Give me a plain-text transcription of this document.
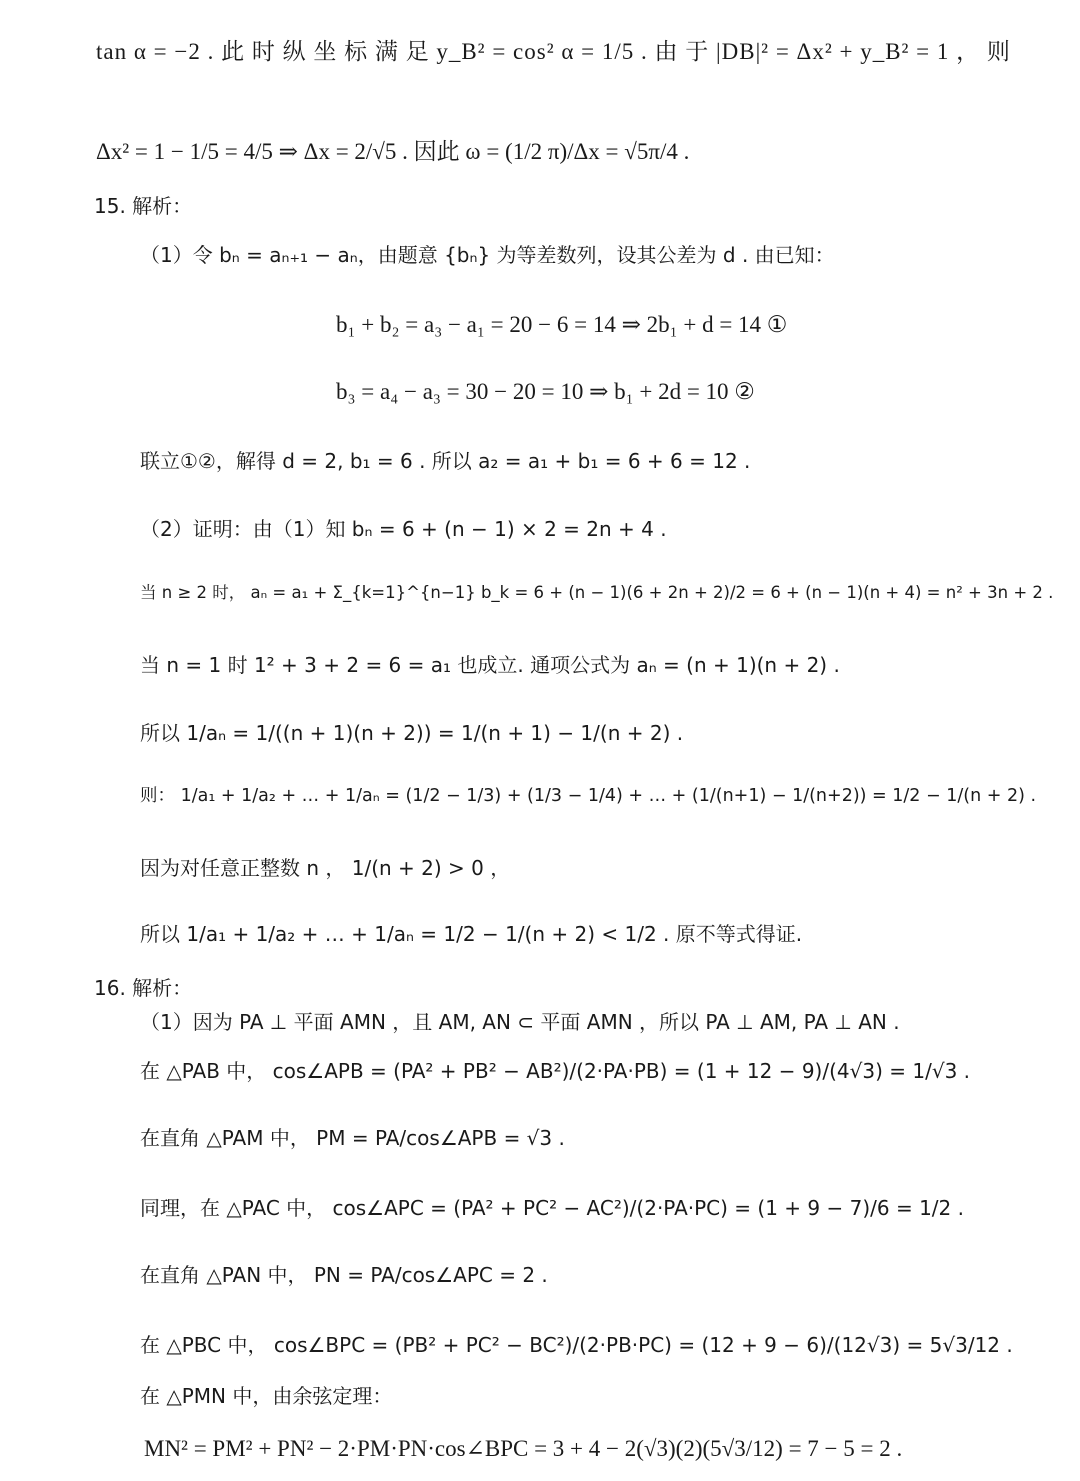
tan α = −2 . 此 时 纵 坐 标 满 足 y_B² = cos² α = 1/5 . 由 于 |DB|² = Δx² + y_B² = 1 ， 则
Δx² = 1 − 1/5 = 4/5 ⇒ Δx = 2/√5 . 因此 ω = (1/2 π)/Δx = √5π/4 .
15. 解析：
（1）令 bₙ = aₙ₊₁ − aₙ，由题意 {bₙ} 为等差数列，设其公差为 d . 由已知：
b₁ + b₂ = a₃ − a₁ = 20 − 6 = 14 ⇒ 2b₁ + d = 14 ①
b₃ = a₄ − a₃ = 30 − 20 = 10 ⇒ b₁ + 2d = 10 ②
联立①②，解得 d = 2, b₁ = 6 . 所以 a₂ = a₁ + b₁ = 6 + 6 = 12 .
（2）证明：由（1）知 bₙ = 6 + (n − 1) × 2 = 2n + 4 .
当 n ≥ 2 时， aₙ = a₁ + Σ_{k=1}^{n−1} b_k = 6 + (n − 1)(6 + 2n + 2)/2 = 6 + (n − 1)(n + 4) = n² + 3n + 2 .
当 n = 1 时 1² + 3 + 2 = 6 = a₁ 也成立. 通项公式为 aₙ = (n + 1)(n + 2) .
所以 1/aₙ = 1/((n + 1)(n + 2)) = 1/(n + 1) − 1/(n + 2) .
则： 1/a₁ + 1/a₂ + … + 1/aₙ = (1/2 − 1/3) + (1/3 − 1/4) + … + (1/(n+1) − 1/(n+2)) = 1/2 − 1/(n + 2) .
因为对任意正整数 n ， 1/(n + 2) > 0 ，
所以 1/a₁ + 1/a₂ + … + 1/aₙ = 1/2 − 1/(n + 2) < 1/2 . 原不等式得证.
16. 解析：
（1）因为 PA ⊥ 平面 AMN ，且 AM, AN ⊂ 平面 AMN ，所以 PA ⊥ AM, PA ⊥ AN .
在 △PAB 中， cos∠APB = (PA² + PB² − AB²)/(2·PA·PB) = (1 + 12 − 9)/(4√3) = 1/√3 .
在直角 △PAM 中， PM = PA/cos∠APB = √3 .
同理，在 △PAC 中， cos∠APC = (PA² + PC² − AC²)/(2·PA·PC) = (1 + 9 − 7)/6 = 1/2 .
在直角 △PAN 中， PN = PA/cos∠APC = 2 .
在 △PBC 中， cos∠BPC = (PB² + PC² − BC²)/(2·PB·PC) = (12 + 9 − 6)/(12√3) = 5√3/12 .
在 △PMN 中，由余弦定理：
MN² = PM² + PN² − 2·PM·PN·cos∠BPC = 3 + 4 − 2(√3)(2)(5√3/12) = 7 − 5 = 2 .
